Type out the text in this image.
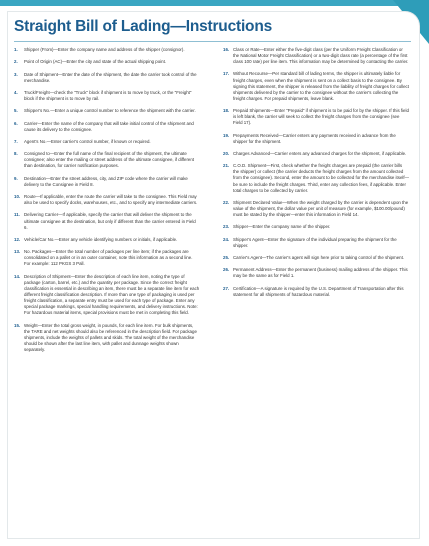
Straight Bill of Lading—Instructions
1.	Shipper (From)—Enter the company name and address of the shipper (consignor).
2.	Point of Origin (AC)—Enter the city and state of the actual shipping point.
3.	Date of Shipment—Enter the date of the shipment, the date the carrier took control of the merchandise.
4.	Truck/Freight—check the "Truck" block if shipment is to move by truck, or the "Freight" block if the shipment is to move by rail.
5.	Shipper's No.—Enter a unique control number to reference the shipment with the carrier.
6.	Carrier—Enter the name of the company that will take initial control of the shipment and cause its delivery to the consignee.
7.	Agent's No.—Enter carrier's control number, if known or required.
8.	Consigned to—Enter the full name of the final recipient of the shipment, the ultimate consignee; also enter the mailing or street address of the ultimate consignee, if different than destination, for carrier notification purposes.
9.	Destination—Enter the street address, city, and ZIP code where the carrier will make delivery to the Consignee in Field 8.
10. Route—If applicable, enter the route the carrier will take to the consignee. This Field may also be used to specify docks, warehouses, etc., and to specify any intermediate carriers.
11. Delivering Carrier—If applicable, specify the carrier that will deliver the shipment to the ultimate consignee at the destination, but only if different than the carrier entered in Field 6.
12. Vehicle/Car No.—Enter any vehicle identifying numbers or initials, if applicable.
13. No. Packages—Enter the total number of packages per line item; if the packages are consolidated on a pallet or in an outer container, note this information as a second line. For example: 112 PKGS 3 Pall.
14. Description of Shipment—Enter the description of each line item, noting the type of package (carton, barrel, etc.) and the quantity per package. Since the correct freight classification is essential in describing an item, there must be a separate line item for each different freight classification description. If more than one type of packaging is used per freight classification, a separate entry must be used for each type of package. Enter any special package markings, special handling requirements, and delivery instructions. Note: For hazardous material items, special provisions must be met in completing this field.
15. Weight—Enter the total gross weight, in pounds, for each line item. For bulk shipments, the TARE and net weights should also be referenced in the description field. For package shipments, include the weights of pallets and skids. The total weight of the merchandise should be shown after the last line item, with pallet and dunnage weights shown separately.
16. Class or Rate—Enter either the five-digit class (per the Uniform Freight Classification or the National Motor Freight Classification) or a two-digit class rate (a percentage of the first class 100 rate) per line item. This information may be determined by contacting the carrier.
17. Without Recourse—Per standard bill of lading terms, the shipper is ultimately liable for freight charges, even when the shipment is sent on a collect basis to the consignee. By signing this statement, the shipper is released from the liability of freight charges for collect shipments delivered by the carrier to the consignee without the carrier's collecting the freight charges. For prepaid shipments, leave blank.
18. Prepaid Shipments—Enter "Prepaid" if shipment is to be paid for by the shipper. If this field is left blank, the carrier will seek to collect the freight charges from the consignee (see Field 17).
19. Prepayments Received—Carrier enters any payments received in advance from the shipper for the shipment.
20. Charges Advanced—Carrier enters any advanced charges for the shipment, if applicable.
21. C.O.D. Shipment—First, check whether the freight charges are prepaid (the carrier bills the shipper) or collect (the carrier deducts the freight charges from the amount collected from the consignee). Second, enter the amount to be collected for the merchandise itself—be sure to include the freight charges. Third, enter any collection fees, if applicable. Enter total charges to be collected by carrier.
22. Shipment Declared Value—When the weight charged by the carrier is dependent upon the value of the shipment, the dollar value per unit of measure (for example, $100.00/pound) must be stated by the shipper—enter this information in Field 14.
23. Shipper—Enter the company name of the shipper.
24. Shipper's Agent—Enter the signature of the individual preparing the shipment for the shipper.
25. Carrier's Agent—The carrier's agent will sign here prior to taking control of the shipment.
26. Permanent Address—Enter the permanent (business) mailing address of the shipper. This may be the same as for Field 1.
27. Certification—A signature is required by the U.S. Department of Transportation after this statement for all shipments of hazardous material.
